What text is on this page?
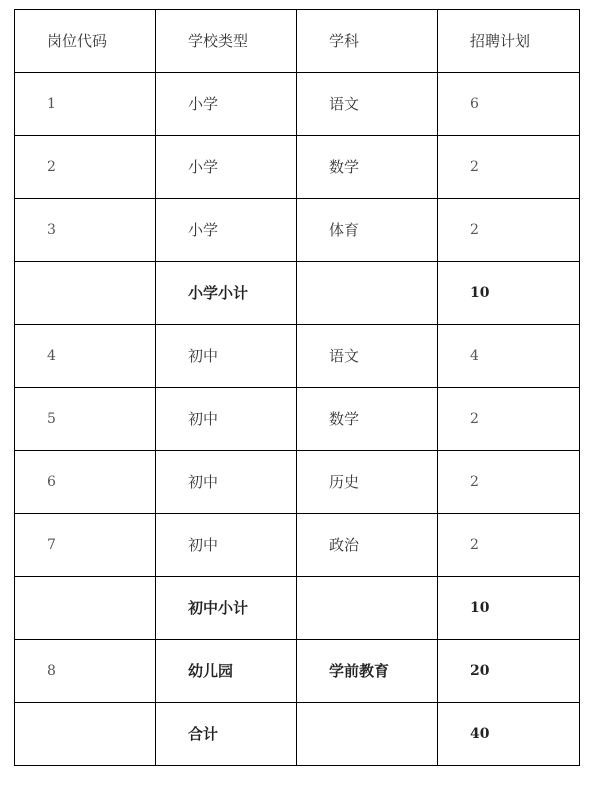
岗位代码	学校类型	学科	招聘计划
1	小学	语文	6
2	小学	数学	2
3	小学	体育	2
	小学小计		10
4	初中	语文	4
5	初中	数学	2
6	初中	历史	2
7	初中	政治	2
	初中小计		10
8	幼儿园	学前教育	20
	合计		40
